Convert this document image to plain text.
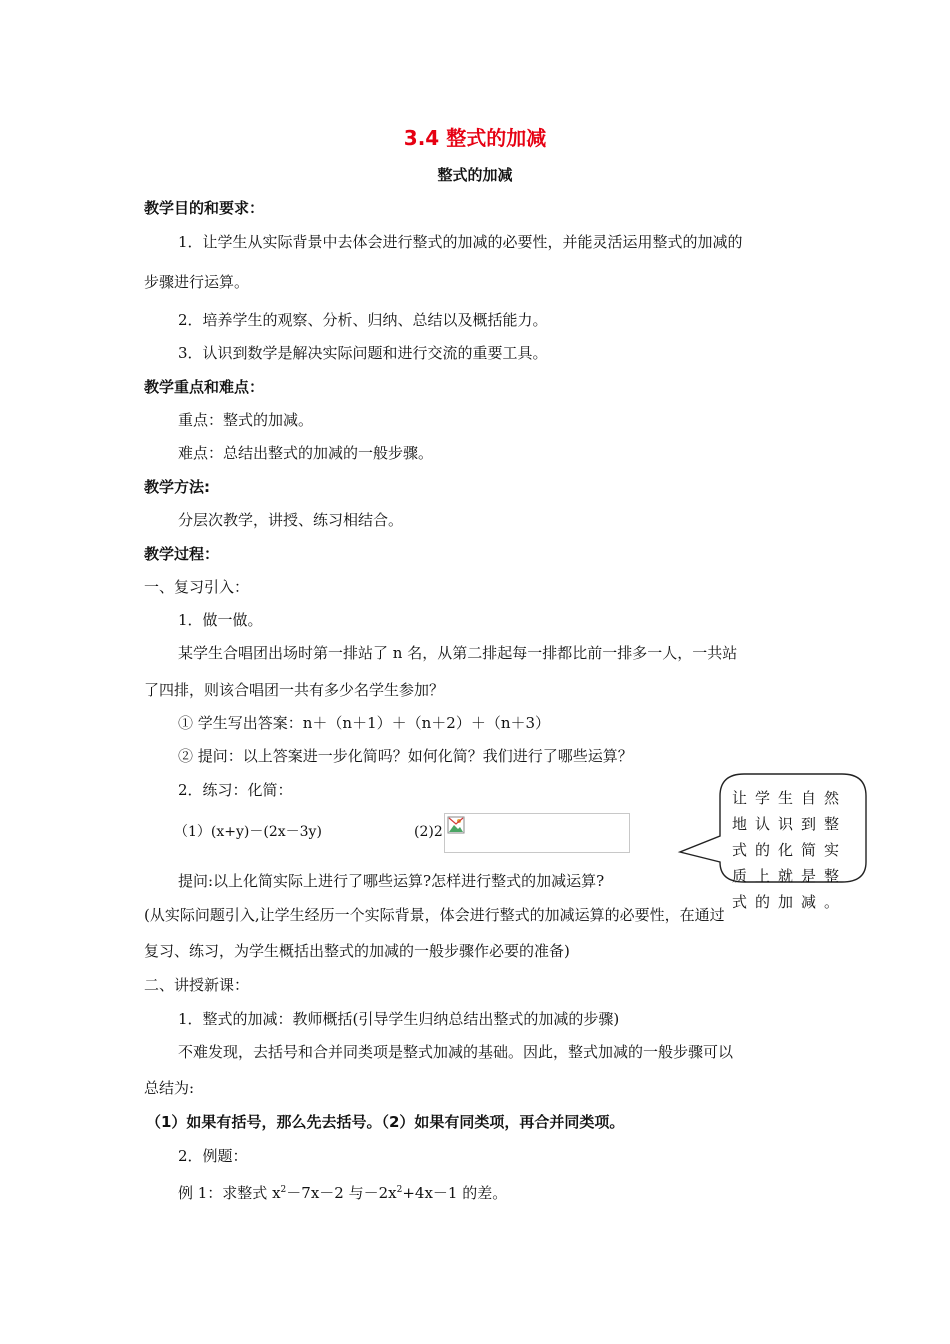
3.4 整式的加减
整式的加减
教学目的和要求：
1．让学生从实际背景中去体会进行整式的加减的必要性，并能灵活运用整式的加减的
步骤进行运算。
2．培养学生的观察、分析、归纳、总结以及概括能力。
3．认识到数学是解决实际问题和进行交流的重要工具。
教学重点和难点：
重点：整式的加减。
难点：总结出整式的加减的一般步骤。
教学方法:
分层次教学，讲授、练习相结合。
教学过程：
一、复习引入：
1．做一做。
某学生合唱团出场时第一排站了 n 名，从第二排起每一排都比前一排多一人，一共站
了四排，则该合唱团一共有多少名学生参加？
① 学生写出答案：n＋（n＋1）＋（n＋2）＋（n＋3）
② 提问：以上答案进一步化简吗？如何化简？我们进行了哪些运算？
2．练习：化简：
（1）(x+y)－(2x－3y)	(2)2
让学生自然地认识到整式的化简实质上就是整式的加减。
提问:以上化简实际上进行了哪些运算?怎样进行整式的加减运算?
(从实际问题引入,让学生经历一个实际背景，体会进行整式的加减运算的必要性，在通过
复习、练习，为学生概括出整式的加减的一般步骤作必要的准备)
二、讲授新课：
1．整式的加减：教师概括(引导学生归纳总结出整式的加减的步骤)
不难发现，去括号和合并同类项是整式加减的基础。因此，整式加减的一般步骤可以
总结为:
（1）如果有括号，那么先去括号。（2）如果有同类项，再合并同类项。
2．例题：
例 1：求整式 $x^2-7x-2$ 与$-2x^2+4x-1$ 的差。
